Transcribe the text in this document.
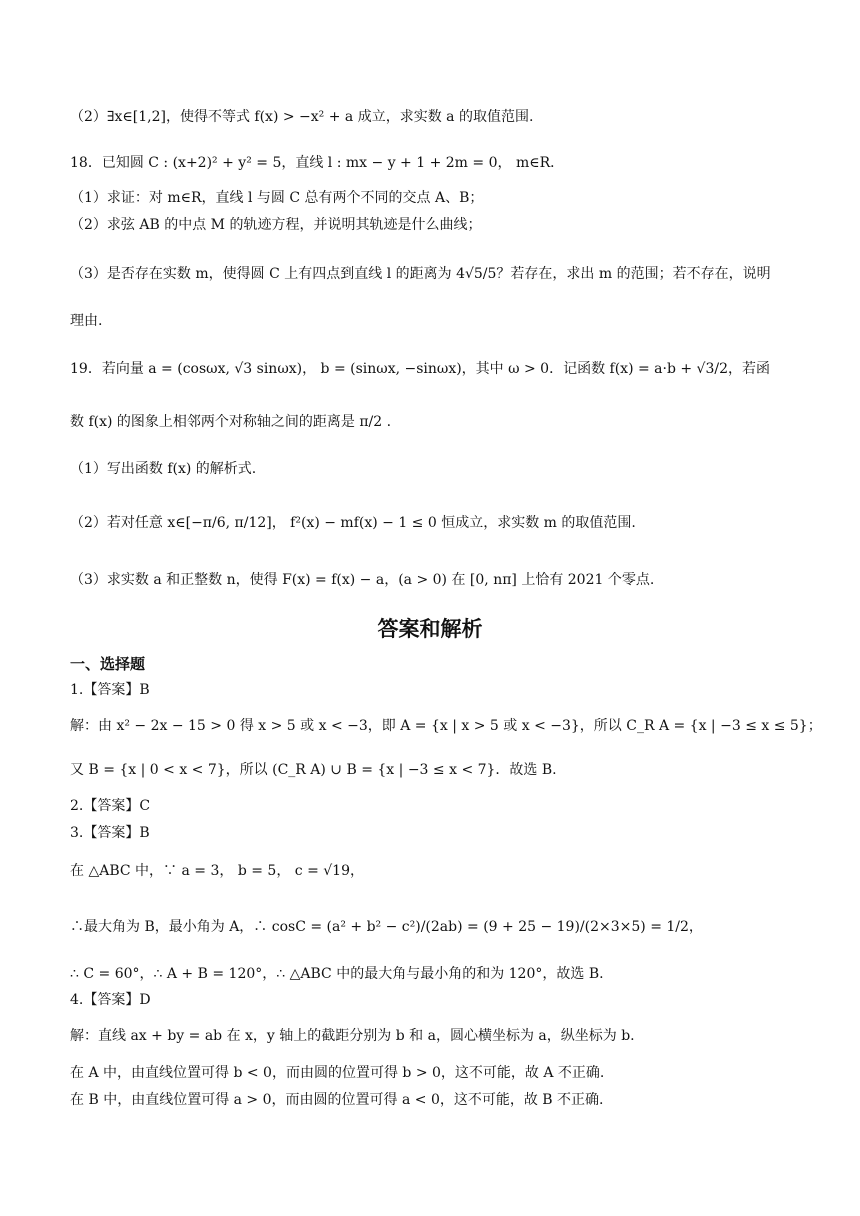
（2）∃x∈[1,2]，使得不等式 f(x) > −x² + a 成立，求实数 a 的取值范围.
18．已知圆 C : (x+2)² + y² = 5，直线 l : mx − y + 1 + 2m = 0， m∈R．
（1）求证：对 m∈R，直线 l 与圆 C 总有两个不同的交点 A、B；
（2）求弦 AB 的中点 M 的轨迹方程，并说明其轨迹是什么曲线；
（3）是否存在实数 m，使得圆 C 上有四点到直线 l 的距离为 4√5/5？若存在，求出 m 的范围；若不存在，说明
理由.
19．若向量 a = (cosωx, √3 sinωx)， b = (sinωx, −sinωx)，其中 ω > 0．记函数 f(x) = a·b + √3/2，若函
数 f(x) 的图象上相邻两个对称轴之间的距离是 π/2 .
（1）写出函数 f(x) 的解析式.
（2）若对任意 x∈[−π/6, π/12]， f²(x) − mf(x) − 1 ≤ 0 恒成立，求实数 m 的取值范围.
（3）求实数 a 和正整数 n，使得 F(x) = f(x) − a，(a > 0) 在 [0, nπ] 上恰有 2021 个零点.
答案和解析
一、选择题
1.【答案】B
解：由 x² − 2x − 15 > 0 得 x > 5 或 x < −3，即 A = {x | x > 5 或 x < −3}，所以 C_R A = {x | −3 ≤ x ≤ 5}；
又 B = {x | 0 < x < 7}，所以 (C_R A) ∪ B = {x | −3 ≤ x < 7}．故选 B.
2.【答案】C
3.【答案】B
在 △ABC 中，∵ a = 3， b = 5， c = √19，
∴最大角为 B，最小角为 A，∴ cosC = (a² + b² − c²)/(2ab) = (9 + 25 − 19)/(2×3×5) = 1/2，
∴ C = 60°，∴ A + B = 120°，∴ △ABC 中的最大角与最小角的和为 120°，故选 B.
4.【答案】D
解：直线 ax + by = ab 在 x，y 轴上的截距分别为 b 和 a，圆心横坐标为 a，纵坐标为 b.
在 A 中，由直线位置可得 b < 0，而由圆的位置可得 b > 0，这不可能，故 A 不正确.
在 B 中，由直线位置可得 a > 0，而由圆的位置可得 a < 0，这不可能，故 B 不正确.
